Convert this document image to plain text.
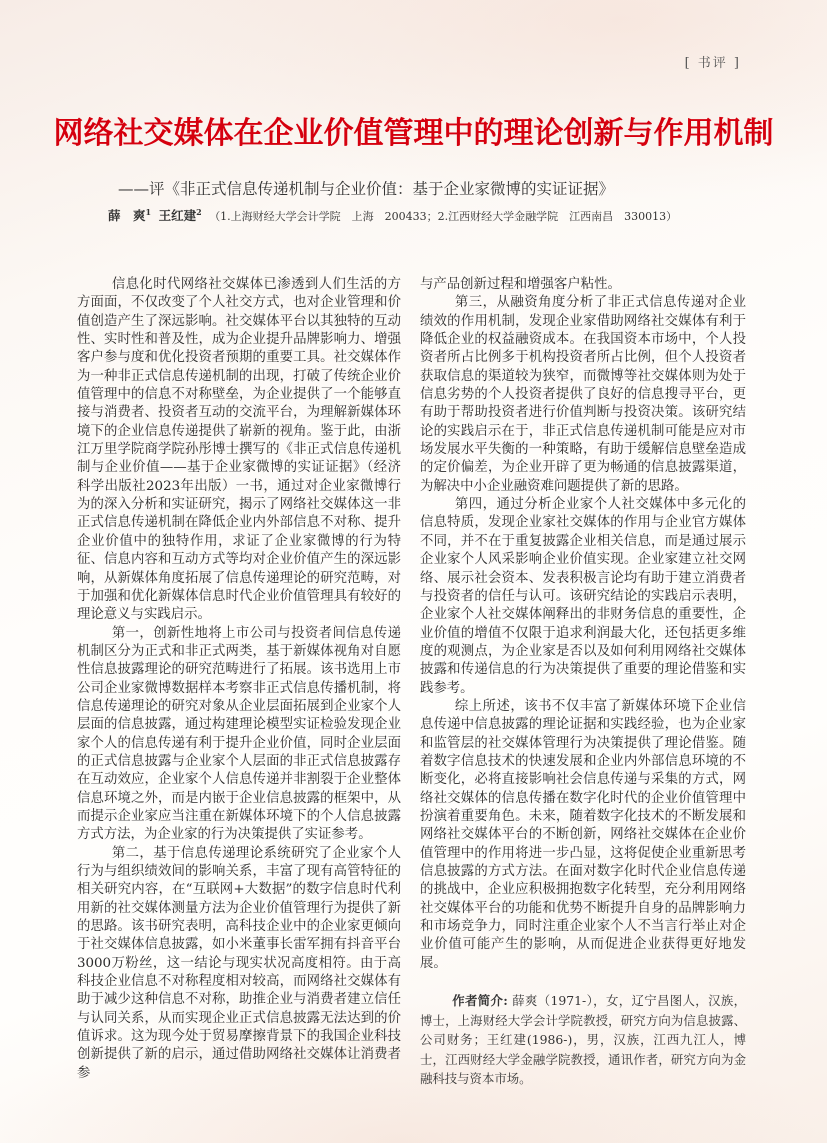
[ 书评 ]
网络社交媒体在企业价值管理中的理论创新与作用机制
——评《非正式信息传递机制与企业价值：基于企业家微博的实证证据》
薛　爽$^1$ 王红建$^2$ （1.上海财经大学会计学院　上海　200433；2.江西财经大学金融学院　江西南昌　330013）

信息化时代网络社交媒体已渗透到人们生活的方方面面，不仅改变了个人社交方式，也对企业管理和价值创造产生了深远影响。社交媒体平台以其独特的互动性、实时性和普及性，成为企业提升品牌影响力、增强客户参与度和优化投资者预期的重要工具。社交媒体作为一种非正式信息传递机制的出现，打破了传统企业价值管理中的信息不对称壁垒，为企业提供了一个能够直接与消费者、投资者互动的交流平台，为理解新媒体环境下的企业信息传递提供了崭新的视角。鉴于此，由浙江万里学院商学院孙彤博士撰写的《非正式信息传递机制与企业价值——基于企业家微博的实证证据》（经济科学出版社2023年出版）一书，通过对企业家微博行为的深入分析和实证研究，揭示了网络社交媒体这一非正式信息传递机制在降低企业内外部信息不对称、提升企业价值中的独特作用，求证了企业家微博的行为特征、信息内容和互动方式等均对企业价值产生的深远影响，从新媒体角度拓展了信息传递理论的研究范畴，对于加强和优化新媒体信息时代企业价值管理具有较好的理论意义与实践启示。

第一，创新性地将上市公司与投资者间信息传递机制区分为正式和非正式两类，基于新媒体视角对自愿性信息披露理论的研究范畴进行了拓展。该书选用上市公司企业家微博数据样本考察非正式信息传播机制，将信息传递理论的研究对象从企业层面拓展到企业家个人层面的信息披露，通过构建理论模型实证检验发现企业家个人的信息传递有利于提升企业价值，同时企业层面的正式信息披露与企业家个人层面的非正式信息披露存在互动效应，企业家个人信息传递并非割裂于企业整体信息环境之外，而是内嵌于企业信息披露的框架中，从而提示企业家应当注重在新媒体环境下的个人信息披露方式方法，为企业家的行为决策提供了实证参考。

第二，基于信息传递理论系统研究了企业家个人行为与组织绩效间的影响关系，丰富了现有高管特征的相关研究内容，在“互联网+大数据”的数字信息时代利用新的社交媒体测量方法为企业价值管理行为提供了新的思路。该书研究表明，高科技企业中的企业家更倾向于社交媒体信息披露，如小米董事长雷军拥有抖音平台3000万粉丝，这一结论与现实状况高度相符。由于高科技企业信息不对称程度相对较高，而网络社交媒体有助于减少这种信息不对称，助推企业与消费者建立信任与认同关系，从而实现企业正式信息披露无法达到的价值诉求。这为现今处于贸易摩擦背景下的我国企业科技创新提供了新的启示，通过借助网络社交媒体让消费者参

与产品创新过程和增强客户粘性。

第三，从融资角度分析了非正式信息传递对企业绩效的作用机制，发现企业家借助网络社交媒体有利于降低企业的权益融资成本。在我国资本市场中，个人投资者所占比例多于机构投资者所占比例，但个人投资者获取信息的渠道较为狭窄，而微博等社交媒体则为处于信息劣势的个人投资者提供了良好的信息搜寻平台，更有助于帮助投资者进行价值判断与投资决策。该研究结论的实践启示在于，非正式信息传递机制可能是应对市场发展水平失衡的一种策略，有助于缓解信息壁垒造成的定价偏差，为企业开辟了更为畅通的信息披露渠道，为解决中小企业融资难问题提供了新的思路。

第四，通过分析企业家个人社交媒体中多元化的信息特质，发现企业家社交媒体的作用与企业官方媒体不同，并不在于重复披露企业相关信息，而是通过展示企业家个人风采影响企业价值实现。企业家建立社交网络、展示社会资本、发表积极言论均有助于建立消费者与投资者的信任与认可。该研究结论的实践启示表明，企业家个人社交媒体阐释出的非财务信息的重要性，企业价值的增值不仅限于追求利润最大化，还包括更多维度的观测点，为企业家是否以及如何利用网络社交媒体披露和传递信息的行为决策提供了重要的理论借鉴和实践参考。

综上所述，该书不仅丰富了新媒体环境下企业信息传递中信息披露的理论证据和实践经验，也为企业家和监管层的社交媒体管理行为决策提供了理论借鉴。随着数字信息技术的快速发展和企业内外部信息环境的不断变化，必将直接影响社会信息传递与采集的方式，网络社交媒体的信息传播在数字化时代的企业价值管理中扮演着重要角色。未来，随着数字化技术的不断发展和网络社交媒体平台的不断创新，网络社交媒体在企业价值管理中的作用将进一步凸显，这将促使企业重新思考信息披露的方式方法。在面对数字化时代企业信息传递的挑战中，企业应积极拥抱数字化转型，充分利用网络社交媒体平台的功能和优势不断提升自身的品牌影响力和市场竞争力，同时注重企业家个人不当言行举止对企业价值可能产生的影响，从而促进企业获得更好地发展。

作者简介: 薛爽（1971-），女，辽宁昌图人，汉族，博士，上海财经大学会计学院教授，研究方向为信息披露、公司财务；王红建(1986-)，男，汉族，江西九江人，博士，江西财经大学金融学院教授，通讯作者，研究方向为金融科技与资本市场。
